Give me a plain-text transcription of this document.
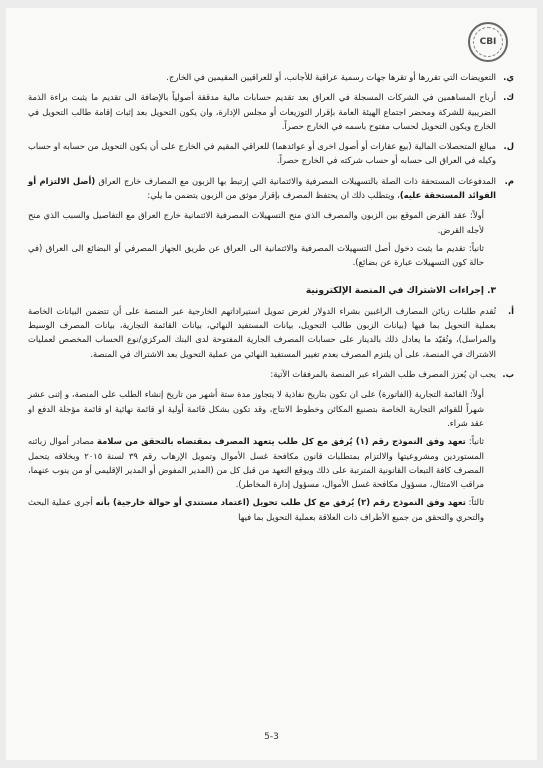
CBI
ي.
التعويضات التي تقررها أو تقرها جهات رسمية عراقية للأجانب، أو للعراقيين المقيمين في الخارج.
ك.
أرباح المساهمين في الشركات المسجلة في العراق بعد تقديم حسابات مالية مدققة أصولياً بالإضافة الى تقديم ما يثبت براءة الذمة الضريبية للشركة ومحضر اجتماع الهيئة العامة بإقرار التوزيعات أو مجلس الإدارة، وان يكون التحويل بعد إثبات إقامة طالب التحويل في الخارج ويكون التحويل لحساب مفتوح باسمه في الخارج حصراً.
ل.
مبالغ المتحصلات المالية (بيع عقارات أو أصول اخرى أو عوائدهما) للعراقي المقيم في الخارج على أن يكون التحويل من حسابه او حساب وكيله في العراق الى حسابه أو حساب شركته في الخارج حصراً.
م.
المدفوعات المستحقة ذات الصلة بالتسهيلات المصرفية والائتمانية التي إرتبط بها الزبون مع المصارف خارج العراق (أصل الالتزام أو الفوائد المستحقة عليه)، ويتطلب ذلك ان يحتفظ المصرف بإقرار موثق من الزبون يتضمن ما يلي:
أولاً: عقد القرض الموقع بين الزبون والمصرف الذي منح التسهيلات المصرفية الائتمانية خارج العراق مع التفاصيل والسبب الذي منح لأجله القرض.
ثانياً: تقديم ما يثبت دخول أصل التسهيلات المصرفية والائتمانية الى العراق عن طريق الجهاز المصرفي أو البضائع الى العراق (في حالة كون التسهيلات عبارة عن بضائع).
٣. إجراءات الاشتراك في المنصة الإلكترونية
أ.
تُقدم طلبات زبائن المصارف الراغبين بشراء الدولار لغرض تمويل استيراداتهم الخارجية عبر المنصة على أن تتضمن البيانات الخاصة بعملية التحويل بما فيها (بيانات الزبون طالب التحويل، بيانات المستفيد النهائي، بيانات القائمة التجارية، بيانات المصرف الوسيط والمراسل)، وتُقيّد ما يعادل ذلك بالدينار على حسابات المصرف الجارية المفتوحة لدى البنك المركزي/نوع الحساب المخصص لعمليات الاشتراك في المنصة، على أن يلتزم المصرف بعدم تغيير المستفيد النهائي من عملية التحويل بعد الاشتراك في المنصة.
ب.
يجب ان يُعزز المصرف طلب الشراء عبر المنصة بالمرفقات الآتية:
أولاً: القائمة التجارية (الفاتورة) على ان تكون بتاريخ نفاذية لا يتجاوز مدة ستة أشهر من تاريخ إنشاء الطلب على المنصة، و إثنى عشر شهراً للقوائم التجارية الخاصة بتصنيع المكائن وخطوط الانتاج، وقد تكون بشكل قائمة أولية او قائمة نهائية او قائمة مؤجلة الدفع او عقد شراء.
ثانياً: تعهد وفق النموذج رقم (١) يُرفق مع كل طلب يتعهد المصرف بمقتضاه بالتحقق من سلامة مصادر أموال زبائنه المستوردين ومشروعيتها والالتزام بمتطلبات قانون مكافحة غسل الأموال وتمويل الإرهاب رقم ٣٩ لسنة ٢٠١٥ وبخلافه يتحمل المصرف كافة التبعات القانونية المترتبة على ذلك ويوقع التعهد من قبل كل من (المدير المفوض أو المدير الإقليمي أو من ينوب عنهما، مراقب الامتثال، مسؤول مكافحة غسل الأموال، مسؤول إدارة المخاطر).
ثالثاً: تعهد وفق النموذج رقم (٢) يُرفق مع كل طلب تحويل (اعتماد مستندي أو حوالة خارجية) بأنه أجرى عملية البحث والتحري والتحقق من جميع الأطراف ذات العلاقة بعملية التحويل بما فيها
5-3
